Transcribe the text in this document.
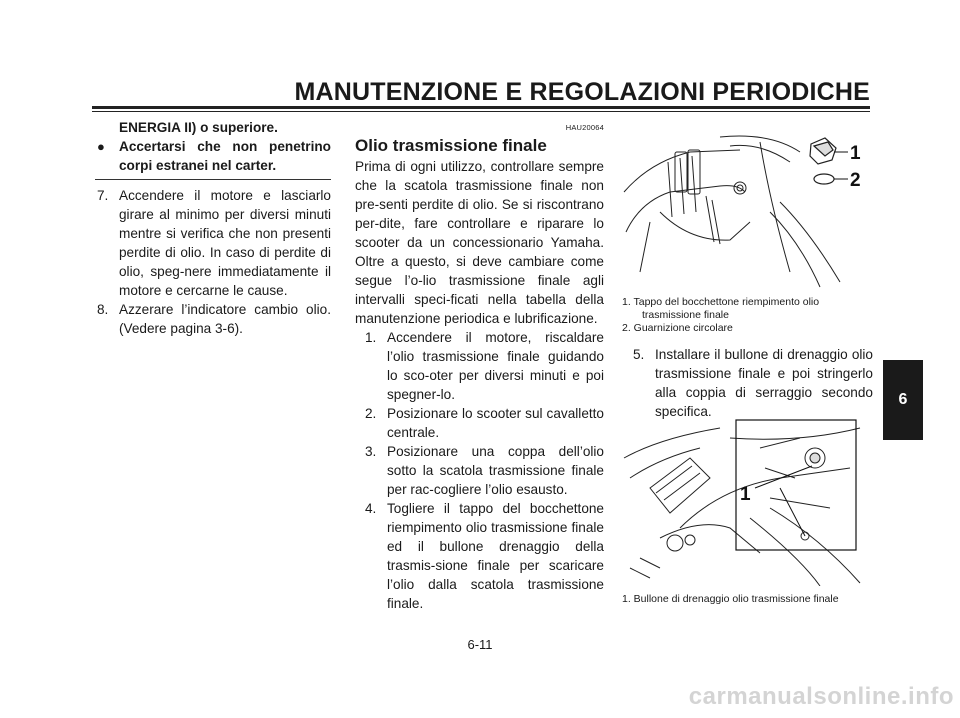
MANUTENZIONE E REGOLAZIONI PERIODICHE

ENERGIA II) o superiore.

●	Accertarsi che non penetrino corpi estranei nel carter.
7. Accendere il motore e lasciarlo girare al minimo per diversi minuti mentre si verifica che non presenti perdite di olio. In caso di perdite di olio, speg-nere immediatamente il motore e cercarne le cause.
8. Azzerare l’indicatore cambio olio. (Vedere pagina 3-6).
HAU20064
Olio trasmissione finale

Prima di ogni utilizzo, controllare sempre che la scatola trasmissione finale non pre-senti perdite di olio. Se si riscontrano per-dite, fare controllare e riparare lo scooter da un concessionario Yamaha. Oltre a questo, si deve cambiare come segue l’o-lio trasmissione finale agli intervalli speci-ficati nella tabella della manutenzione periodica e lubrificazione.

1. Accendere il motore, riscaldare l’olio trasmissione finale guidando lo sco-oter per diversi minuti e poi spegner-lo.
2. Posizionare lo scooter sul cavalletto centrale.
3. Posizionare una coppa dell’olio sotto la scatola trasmissione finale per rac-cogliere l’olio esausto.
4. Togliere il tappo del bocchettone riempimento olio trasmissione finale ed il bullone drenaggio della trasmis-sione finale per scaricare l’olio dalla scatola trasmissione finale.
1
2
1. Tappo del bocchettone riempimento olio
trasmissione finale
2. Guarnizione circolare
5. Installare il bullone di drenaggio olio trasmissione finale e poi stringerlo alla coppia di serraggio secondo specifica.
1
1. Bullone di drenaggio olio trasmissione finale
6
6-11
carmanualsonline.info
